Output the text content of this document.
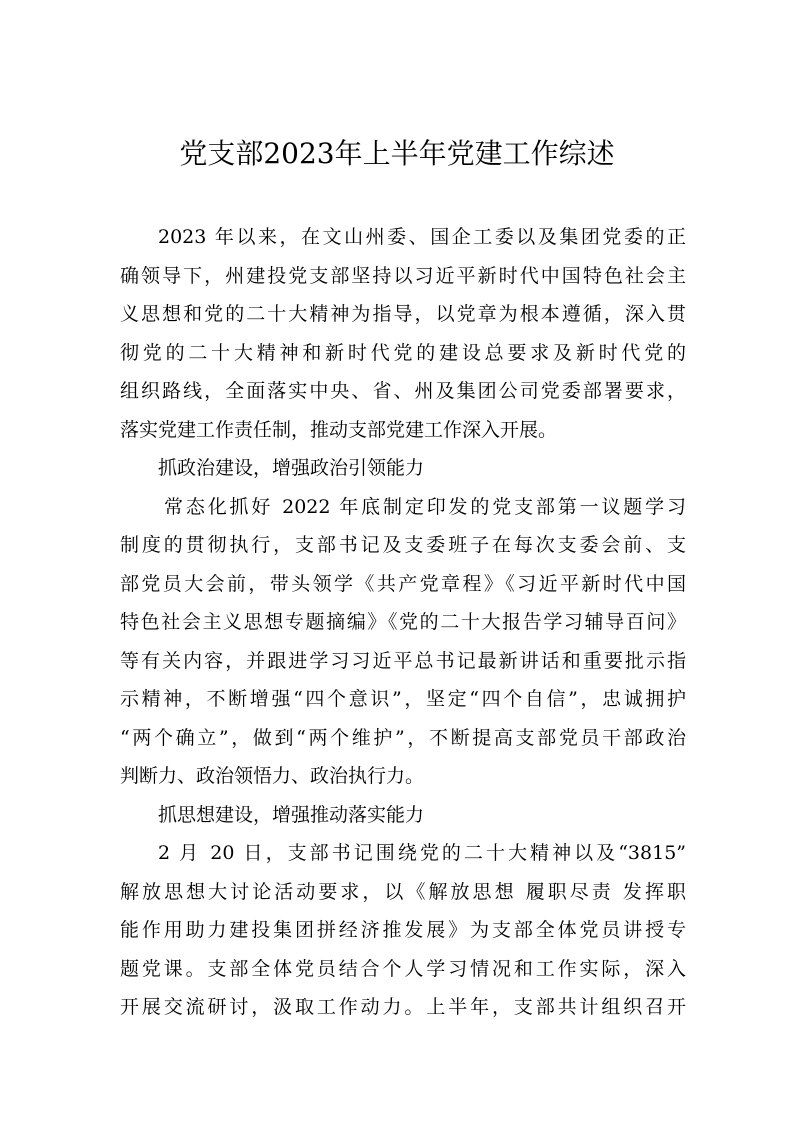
党支部2023年上半年党建工作综述
2023 年以来，在文山州委、国企工委以及集团党委的正
确领导下，州建投党支部坚持以习近平新时代中国特色社会主
义思想和党的二十大精神为指导，以党章为根本遵循，深入贯
彻党的二十大精神和新时代党的建设总要求及新时代党的
组织路线，全面落实中央、省、州及集团公司党委部署要求，
落实党建工作责任制，推动支部党建工作深入开展。
抓政治建设，增强政治引领能力
常态化抓好 2022 年底制定印发的党支部第一议题学习
制度的贯彻执行，支部书记及支委班子在每次支委会前、支
部党员大会前，带头领学《共产党章程》《习近平新时代中国
特色社会主义思想专题摘编》《党的二十大报告学习辅导百问》
等有关内容，并跟进学习习近平总书记最新讲话和重要批示指
示精神，不断增强“四个意识”，坚定“四个自信”，忠诚拥护
“两个确立”，做到“两个维护”，不断提高支部党员干部政治
判断力、政治领悟力、政治执行力。
抓思想建设，增强推动落实能力
2 月 20 日，支部书记围绕党的二十大精神以及“3815”
解放思想大讨论活动要求，以《解放思想 履职尽责 发挥职
能作用助力建投集团拼经济推发展》为支部全体党员讲授专
题党课。支部全体党员结合个人学习情况和工作实际，深入
开展交流研讨，汲取工作动力。上半年，支部共计组织召开
